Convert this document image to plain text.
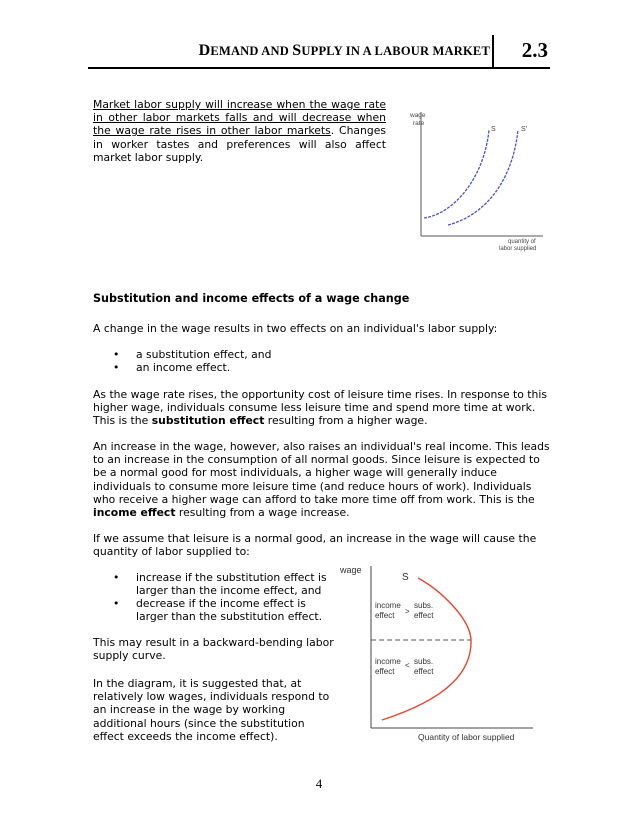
DEMAND AND SUPPLY IN A LABOUR MARKET 2.3
Market labor supply will increase when the wage rate in other labor markets falls and will decrease when the wage rate rises in other labor markets. Changes in worker tastes and preferences will also affect market labor supply.
wage
rate
S	S'
quantity of
labor supplied
Substitution and income effects of a wage change
A change in the wage results in two effects on an individual's labor supply:
• a substitution effect, and
• an income effect.
As the wage rate rises, the opportunity cost of leisure time rises. In response to this higher wage, individuals consume less leisure time and spend more time at work. This is the substitution effect resulting from a higher wage.
An increase in the wage, however, also raises an individual's real income. This leads to an increase in the consumption of all normal goods. Since leisure is expected to be a normal good for most individuals, a higher wage will generally induce individuals to consume more leisure time (and reduce hours of work). Individuals who receive a higher wage can afford to take more time off from work. This is the income effect resulting from a wage increase.
If we assume that leisure is a normal good, an increase in the wage will cause the quantity of labor supplied to:
• increase if the substitution effect is
larger than the income effect, and
• decrease if the income effect is
larger than the substitution effect.
This may result in a backward-bending labor
supply curve.
In the diagram, it is suggested that, at
relatively low wages, individuals respond to
an increase in the wage by working
additional hours (since the substitution
effect exceeds the income effect).
wage
S
income
effect >
subs.
effect
income
effect
< subs.
effect
Quantity of labor supplied
4
